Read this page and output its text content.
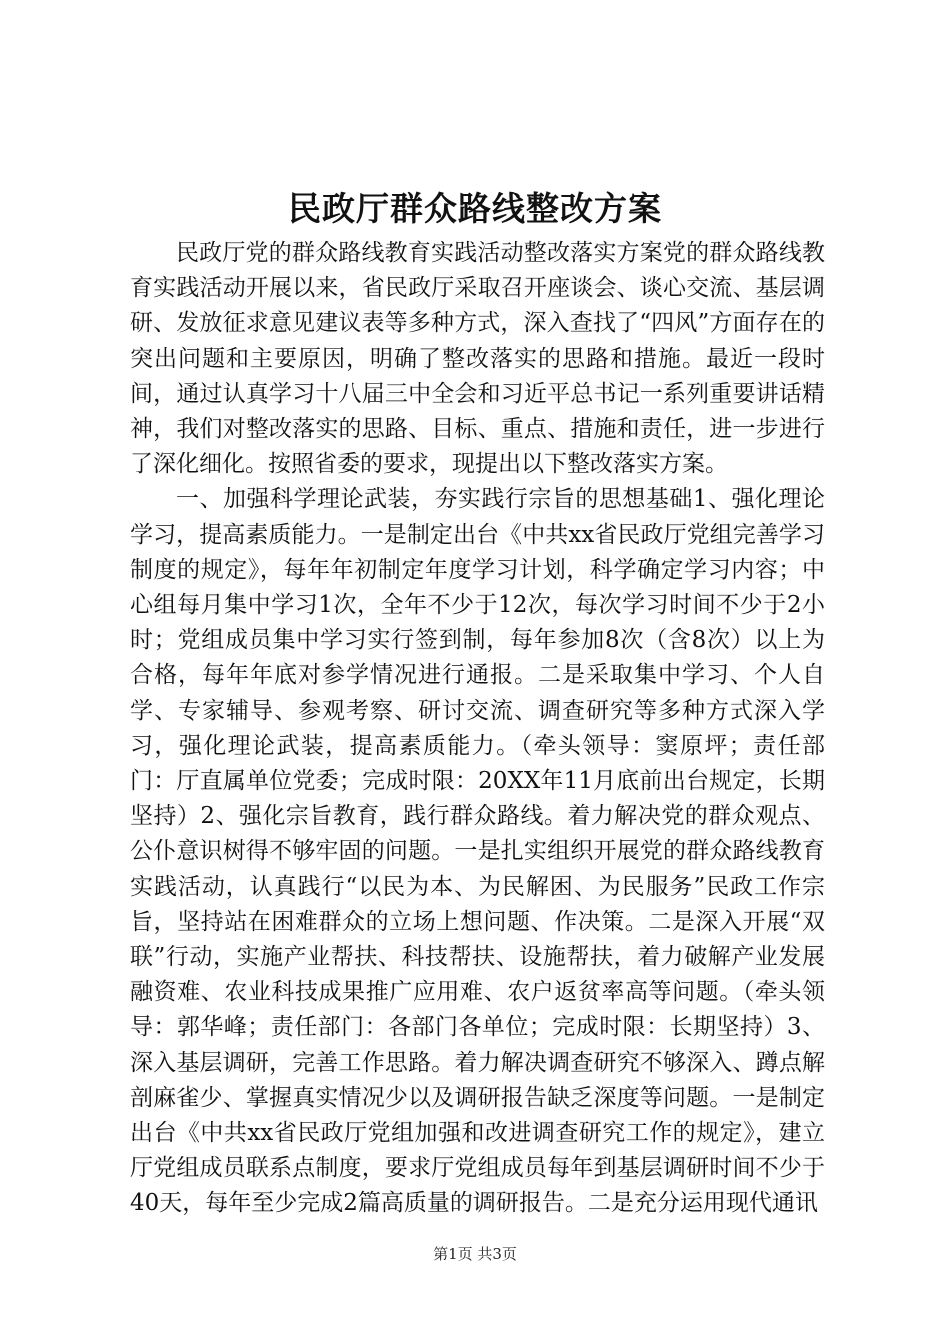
民政厅群众路线整改方案

民政厅党的群众路线教育实践活动整改落实方案党的群众路线教育实践活动开展以来，省民政厅采取召开座谈会、谈心交流、基层调研、发放征求意见建议表等多种方式，深入查找了“四风”方面存在的突出问题和主要原因，明确了整改落实的思路和措施。最近一段时间，通过认真学习十八届三中全会和习近平总书记一系列重要讲话精神，我们对整改落实的思路、目标、重点、措施和责任，进一步进行了深化细化。按照省委的要求，现提出以下整改落实方案。

一、加强科学理论武装，夯实践行宗旨的思想基础1、强化理论学习，提高素质能力。一是制定出台《中共xx省民政厅党组完善学习制度的规定》，每年年初制定年度学习计划，科学确定学习内容；中心组每月集中学习1次，全年不少于12次，每次学习时间不少于2小时；党组成员集中学习实行签到制，每年参加8次（含8次）以上为合格，每年年底对参学情况进行通报。二是采取集中学习、个人自学、专家辅导、参观考察、研讨交流、调查研究等多种方式深入学习，强化理论武装，提高素质能力。（牵头领导：窦原坪；责任部门：厅直属单位党委；完成时限：20XX年11月底前出台规定，长期坚持）2、强化宗旨教育，践行群众路线。着力解决党的群众观点、公仆意识树得不够牢固的问题。一是扎实组织开展党的群众路线教育实践活动，认真践行“以民为本、为民解困、为民服务”民政工作宗旨，坚持站在困难群众的立场上想问题、作决策。二是深入开展“双联”行动，实施产业帮扶、科技帮扶、设施帮扶，着力破解产业发展融资难、农业科技成果推广应用难、农户返贫率高等问题。（牵头领导：郭华峰；责任部门：各部门各单位；完成时限：长期坚持）3、深入基层调研，完善工作思路。着力解决调查研究不够深入、蹲点解剖麻雀少、掌握真实情况少以及调研报告缺乏深度等问题。一是制定出台《中共xx省民政厅党组加强和改进调查研究工作的规定》，建立厅党组成员联系点制度，要求厅党组成员每年到基层调研时间不少于40天，每年至少完成2篇高质量的调研报告。二是充分运用现代通讯

第1页 共3页
